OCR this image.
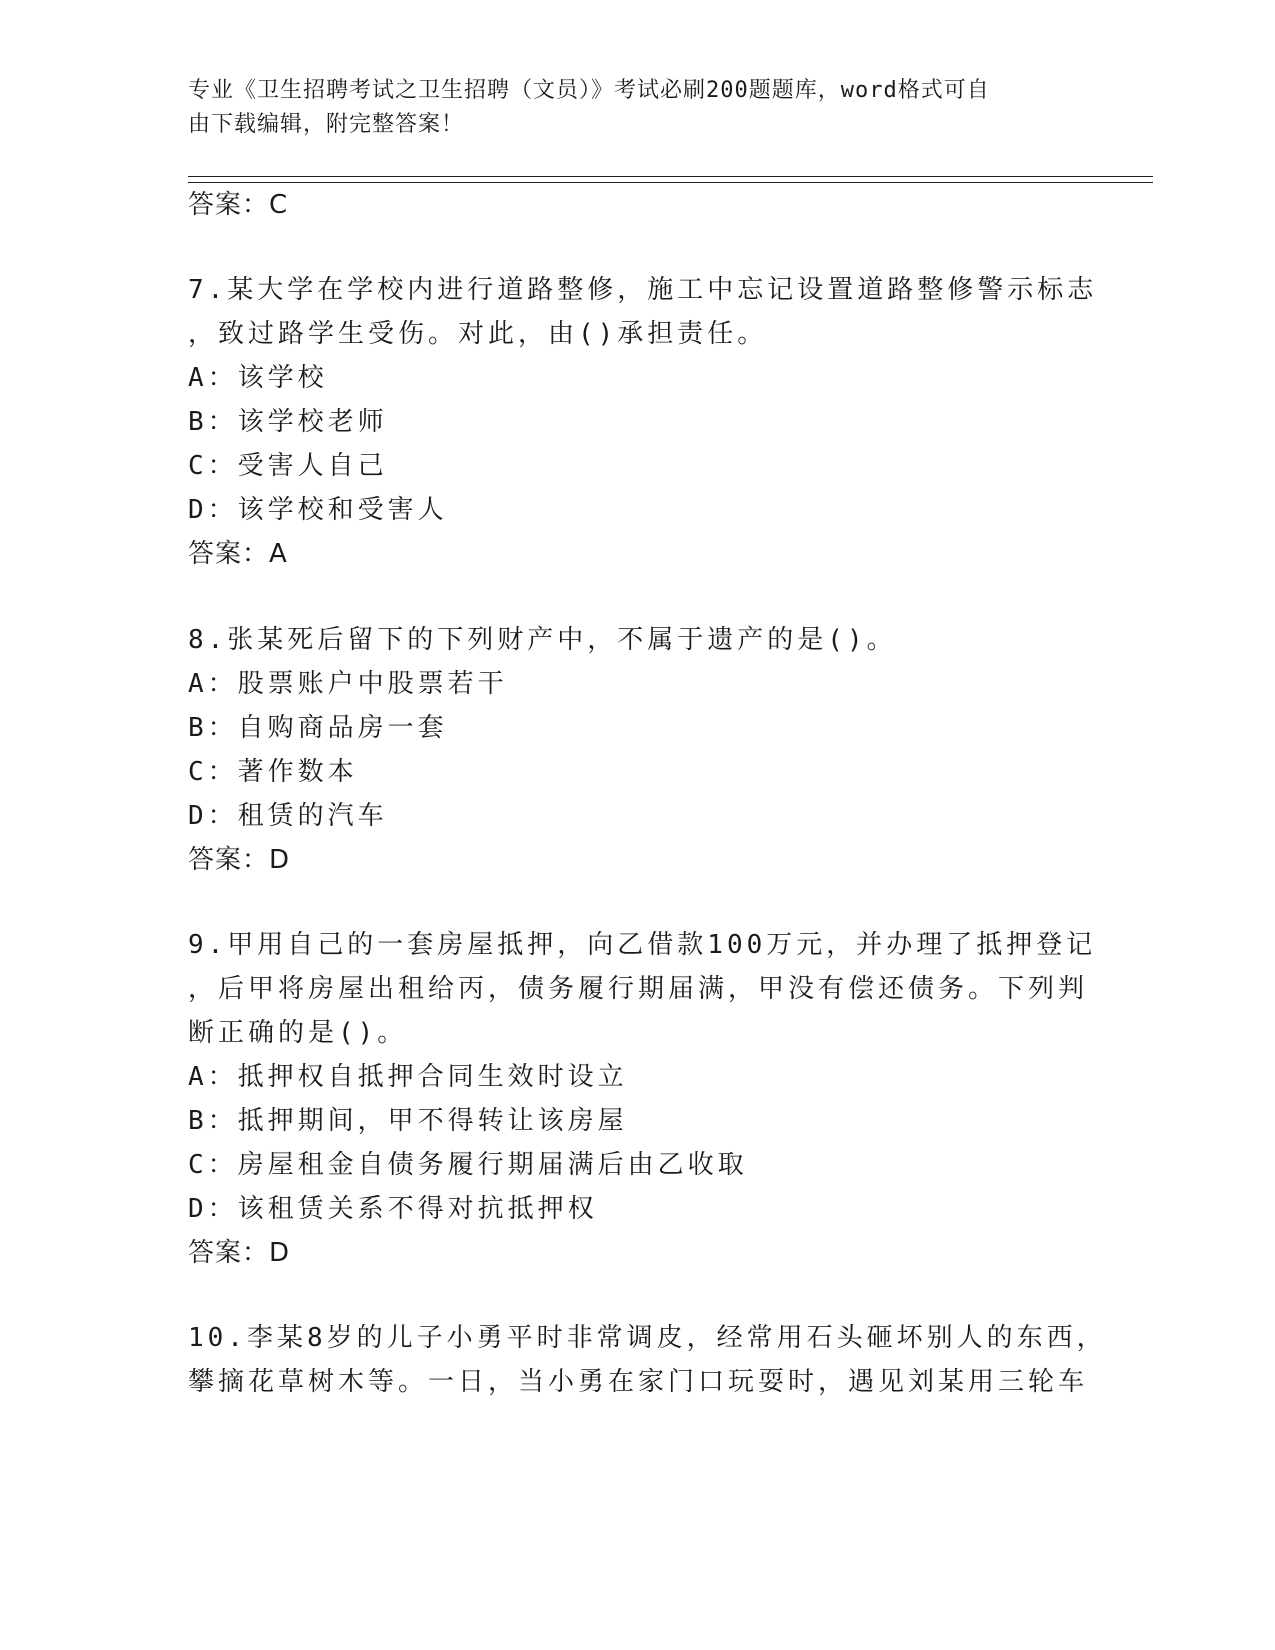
专业《卫生招聘考试之卫生招聘（文员）》考试必刷200题题库，word格式可自
由下载编辑，附完整答案！
答案：C
7.某大学在学校内进行道路整修，施工中忘记设置道路整修警示标志
，致过路学生受伤。对此，由()承担责任。
A：该学校
B：该学校老师
C：受害人自己
D：该学校和受害人
答案：A
8.张某死后留下的下列财产中，不属于遗产的是()。
A：股票账户中股票若干
B：自购商品房一套
C：著作数本
D：租赁的汽车
答案：D
9.甲用自己的一套房屋抵押，向乙借款100万元，并办理了抵押登记
，后甲将房屋出租给丙，债务履行期届满，甲没有偿还债务。下列判
断正确的是()。
A：抵押权自抵押合同生效时设立
B：抵押期间，甲不得转让该房屋
C：房屋租金自债务履行期届满后由乙收取
D：该租赁关系不得对抗抵押权
答案：D
10.李某8岁的儿子小勇平时非常调皮，经常用石头砸坏别人的东西，
攀摘花草树木等。一日，当小勇在家门口玩耍时，遇见刘某用三轮车
